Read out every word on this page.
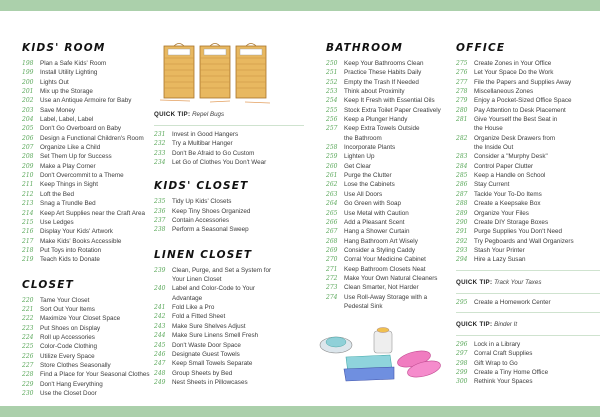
KIDS' ROOM
198	Plan a Safe Kids' Room
199	Install Utility Lighting
200	Lights Out
201	Mix up the Storage
202	Use an Antique Armoire for Baby
203	Save Money
204	Label, Label, Label
205	Don't Go Overboard on Baby
206	Design a Functional Children's Room
207	Organize Like a Child
208	Set Them Up for Success
209	Make a Play Corner
210	Don't Overcommit to a Theme
211	Keep Things in Sight
212	Loft the Bed
213	Snag a Trundle Bed
214	Keep Art Supplies near the Craft Area
215	Use Ledges
216	Display Your Kids' Artwork
217	Make Kids' Books Accessible
218	Put Toys into Rotation
219	Teach Kids to Donate
CLOSET
220	Tame Your Closet
221	Sort Out Your Items
222	Maximize Your Closet Space
223	Put Shoes on Display
224	Roll up Accessories
225	Color-Code Clothing
226	Utilize Every Space
227	Store Clothes Seasonally
228	Find a Place for Your Seasonal Clothes
229	Don't Hang Everything
230	Use the Closet Door
QUICK TIP: Repel Bugs
231	Invest in Good Hangers
232	Try a Multibar Hanger
233	Don't Be Afraid to Go Custom
234	Let Go of Clothes You Don't Wear
KIDS' CLOSET
235	Tidy Up Kids' Closets
236	Keep Tiny Shoes Organized
237	Contain Accessories
238	Perform a Seasonal Sweep
LINEN CLOSET
239	Clean, Purge, and Set a System for
Your Linen Closet
240	Label and Color-Code to Your
Advantage
241	Fold Like a Pro
242	Fold a Fitted Sheet
243	Make Sure Shelves Adjust
244	Make Sure Linens Smell Fresh
245	Don't Waste Door Space
246	Designate Guest Towels
247	Keep Small Towels Separate
248	Group Sheets by Bed
249	Nest Sheets in Pillowcases
BATHROOM
250	Keep Your Bathrooms Clean
251	Practice These Habits Daily
252	Empty the Trash If Needed
253	Think about Proximity
254	Keep It Fresh with Essential Oils
255	Stock Extra Toilet Paper Creatively
256	Keep a Plunger Handy
257	Keep Extra Towels Outside
the Bathroom
258	Incorporate Plants
259	Lighten Up
260	Get Clear
261	Purge the Clutter
262	Lose the Cabinets
263	Use All Doors
264	Go Green with Soap
265	Use Metal with Caution
266	Add a Pleasant Scent
267	Hang a Shower Curtain
268	Hang Bathroom Art Wisely
269	Consider a Styling Caddy
270	Corral Your Medicine Cabinet
271	Keep Bathroom Closets Neat
272	Make Your Own Natural Cleaners
273	Clean Smarter, Not Harder
274	Use Roll-Away Storage with a
Pedestal Sink
OFFICE
275	Create Zones in Your Office
276	Let Your Space Do the Work
277	File the Papers and Supplies Away
278	Miscellaneous Zones
279	Enjoy a Pocket-Sized Office Space
280	Pay Attention to Desk Placement
281	Give Yourself the Best Seat in
the House
282	Organize Desk Drawers from
the Inside Out
283	Consider a "Murphy Desk"
284	Control Paper Clutter
285	Keep a Handle on School
286	Stay Current
287	Tackle Your To-Do Items
288	Create a Keepsake Box
289	Organize Your Files
290	Create DIY Storage Boxes
291	Purge Supplies You Don't Need
292	Try Pegboards and Wall Organizers
293	Stash Your Printer
294	Hire a Lazy Susan
QUICK TIP: Track Your Taxes
295	Create a Homework Center
QUICK TIP: Binder It
296	Lock in a Library
297	Corral Craft Supplies
298	Gift Wrap to Go
299	Create a Tiny Home Office
300	Rethink Your Spaces
